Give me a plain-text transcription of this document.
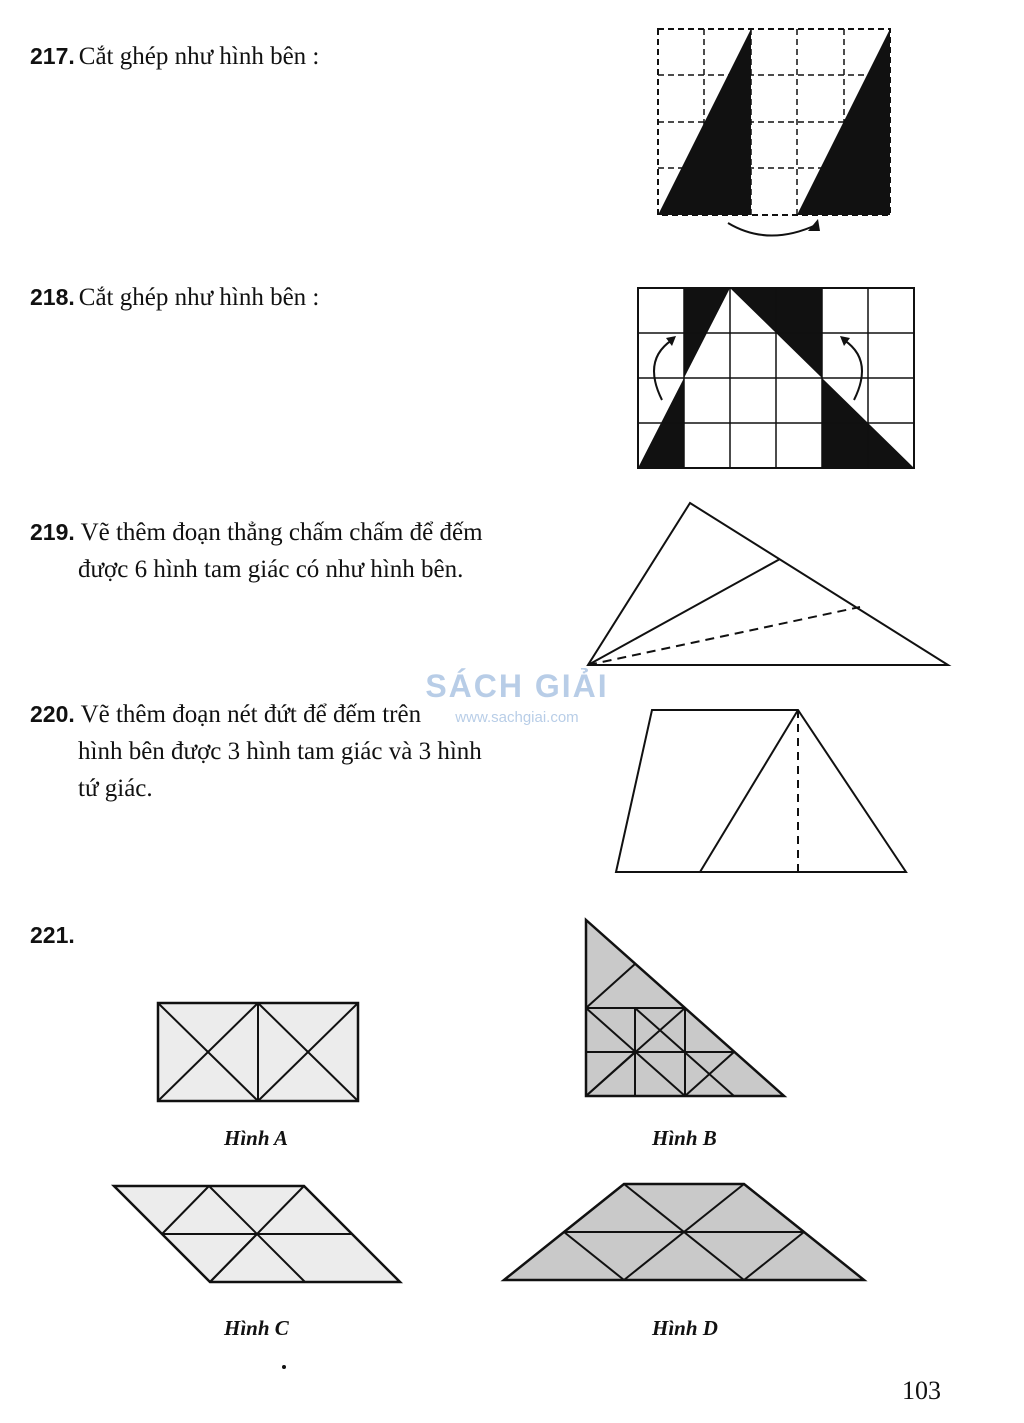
217. Cắt ghép như hình bên :
218. Cắt ghép như hình bên :
219. Vẽ thêm đoạn thẳng chấm chấm để đếm
được 6 hình tam giác có như hình bên.
220. Vẽ thêm đoạn nét đứt để đếm trên
hình bên được 3 hình tam giác và 3 hình
tứ giác.
SÁCH GIẢI
www.sachgiai.com
221.
Hình A	Hình B
Hình C	Hình D
103
